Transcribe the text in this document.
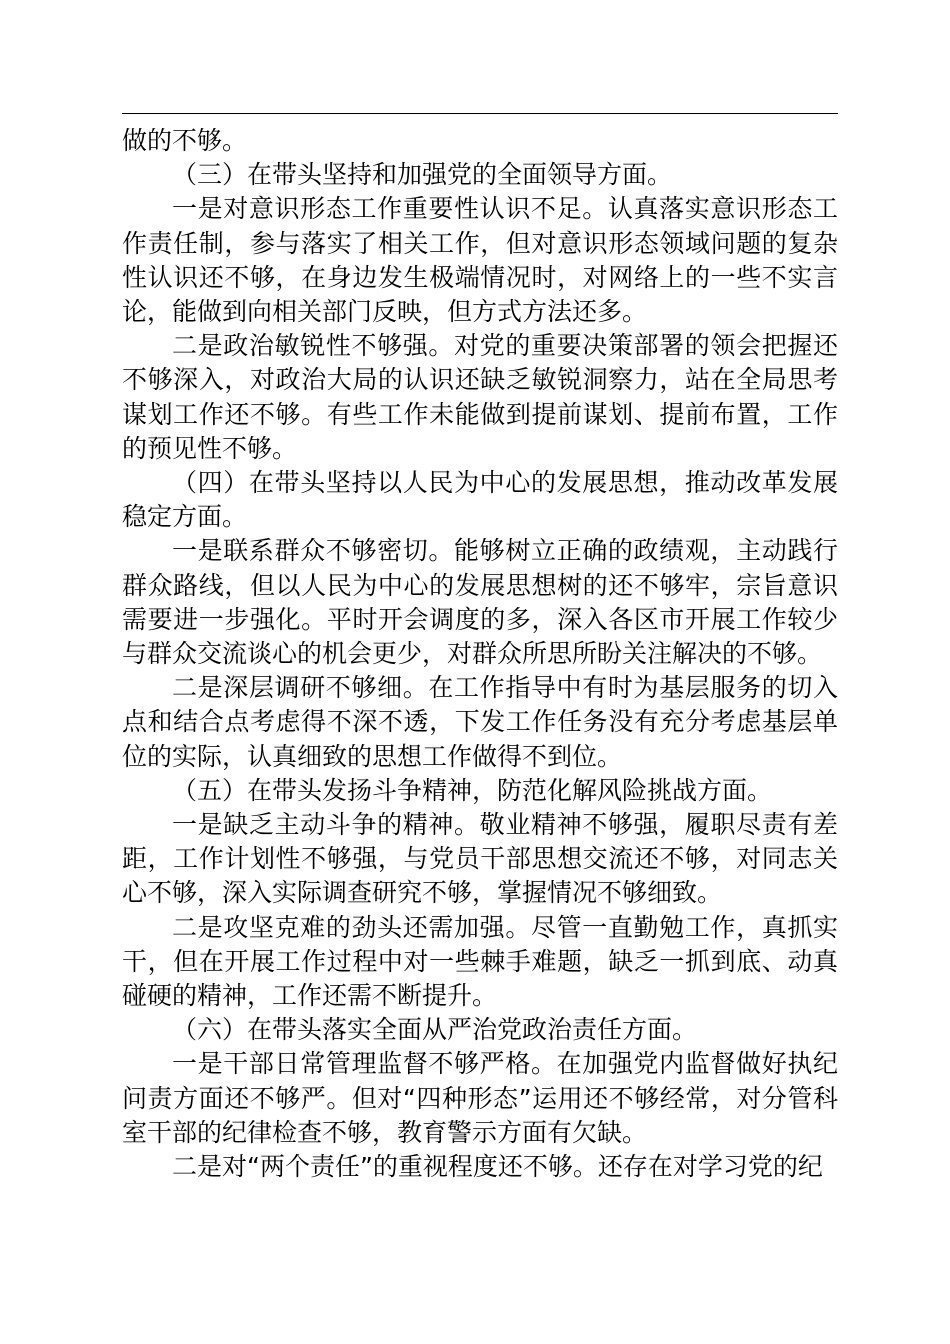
做的不够。

（三）在带头坚持和加强党的全面领导方面。

一是对意识形态工作重要性认识不足。认真落实意识形态工作责任制，参与落实了相关工作，但对意识形态领域问题的复杂性认识还不够，在身边发生极端情况时，对网络上的一些不实言论，能做到向相关部门反映，但方式方法还多。

二是政治敏锐性不够强。对党的重要决策部署的领会把握还不够深入，对政治大局的认识还缺乏敏锐洞察力，站在全局思考谋划工作还不够。有些工作未能做到提前谋划、提前布置，工作的预见性不够。

（四）在带头坚持以人民为中心的发展思想，推动改革发展稳定方面。

一是联系群众不够密切。能够树立正确的政绩观，主动践行群众路线，但以人民为中心的发展思想树的还不够牢，宗旨意识需要进一步强化。平时开会调度的多，深入各区市开展工作较少与群众交流谈心的机会更少，对群众所思所盼关注解决的不够。

二是深层调研不够细。在工作指导中有时为基层服务的切入点和结合点考虑得不深不透，下发工作任务没有充分考虑基层单位的实际，认真细致的思想工作做得不到位。

（五）在带头发扬斗争精神，防范化解风险挑战方面。

一是缺乏主动斗争的精神。敬业精神不够强，履职尽责有差距，工作计划性不够强，与党员干部思想交流还不够，对同志关心不够，深入实际调查研究不够，掌握情况不够细致。

二是攻坚克难的劲头还需加强。尽管一直勤勉工作，真抓实干，但在开展工作过程中对一些棘手难题，缺乏一抓到底、动真碰硬的精神，工作还需不断提升。

（六）在带头落实全面从严治党政治责任方面。

一是干部日常管理监督不够严格。在加强党内监督做好执纪问责方面还不够严。但对“四种形态”运用还不够经常，对分管科室干部的纪律检查不够，教育警示方面有欠缺。

二是对“两个责任”的重视程度还不够。还存在对学习党的纪
